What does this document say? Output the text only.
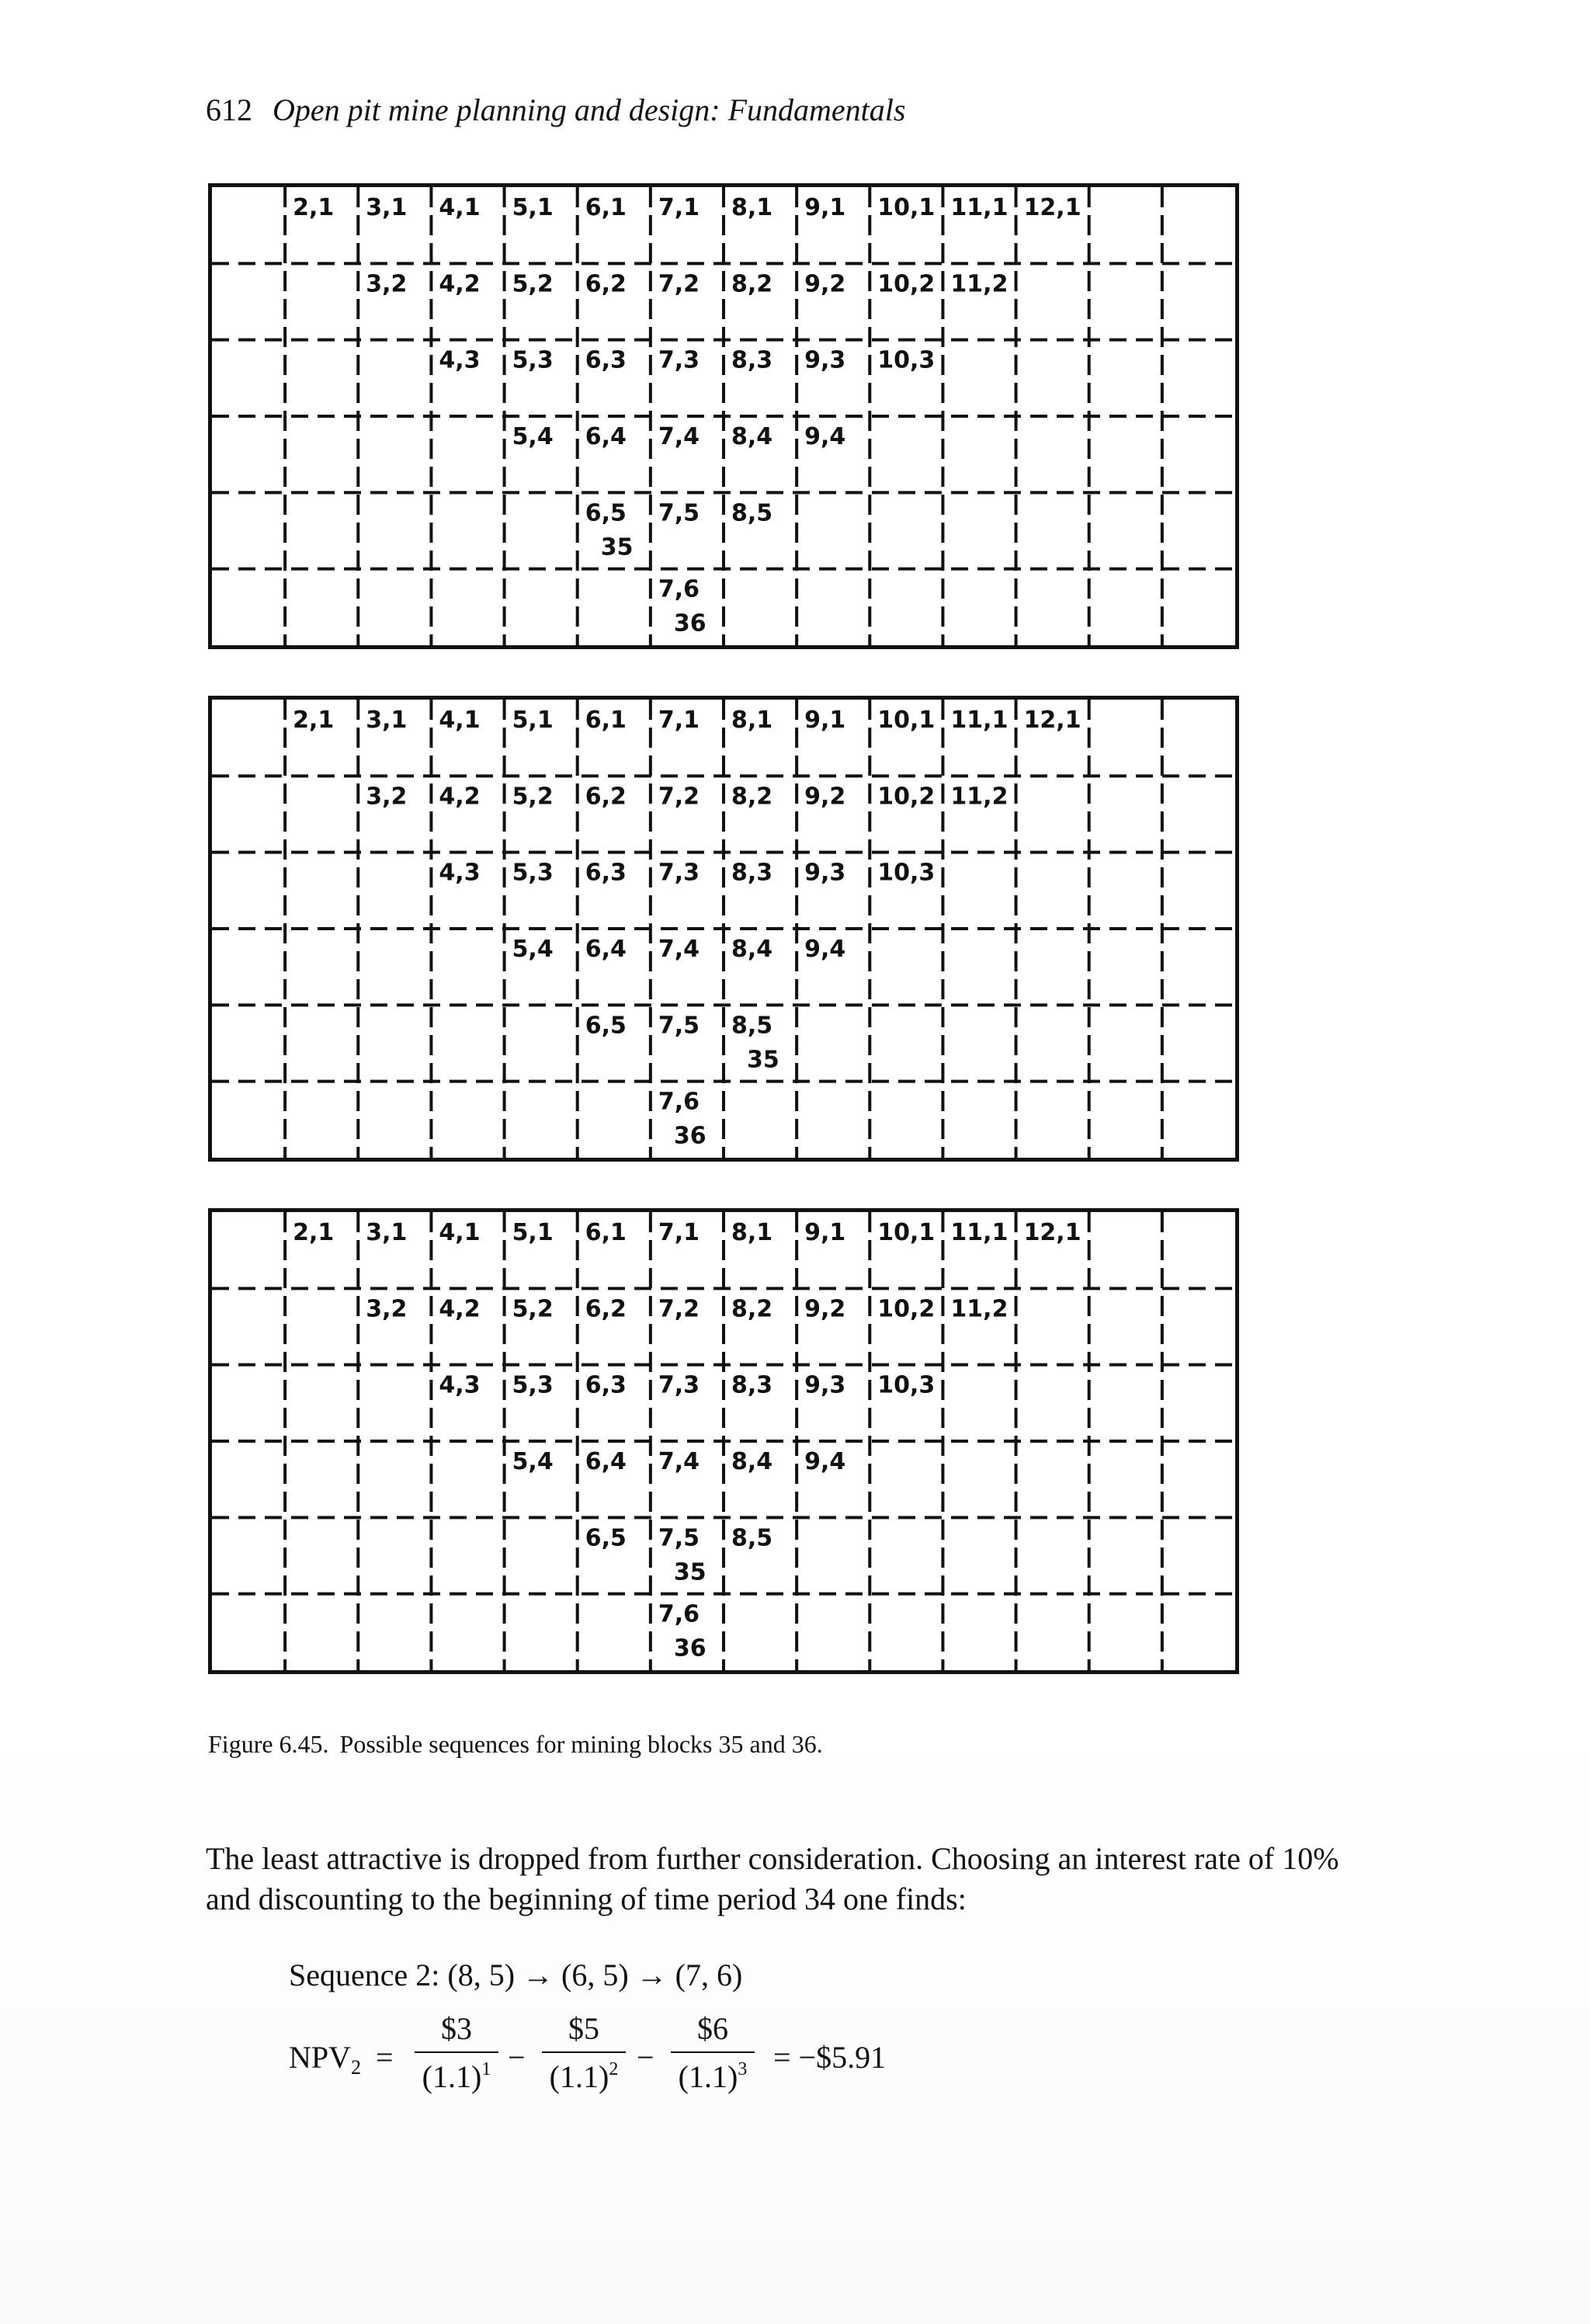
612 Open pit mine planning and design: Fundamentals
2,1 3,1 4,1 5,1 6,1 7,1 8,1 9,1 10,1 11,1 12,1
3,2 4,2 5,2 6,2 7,2 8,2 9,2 10,2 11,2
4,3 5,3 6,3 7,3 8,3 9,3 10,3
5,4 6,4 7,4 8,4 9,4
6,5
35
7,5 8,5
7,6
36
2,1 3,1 4,1 5,1 6,1 7,1 8,1 9,1 10,1 11,1 12,1
3,2 4,2 5,2 6,2 7,2 8,2 9,2 10,2 11,2
4,3 5,3 6,3 7,3 8,3 9,3 10,3
5,4 6,4 7,4 8,4 9,4
6,5 7,5 8,5
35
7,6
36
2,1 3,1 4,1 5,1 6,1 7,1 8,1 9,1 10,1 11,1 12,1
3,2 4,2 5,2 6,2 7,2 8,2 9,2 10,2 11,2
4,3 5,3 6,3 7,3 8,3 9,3 10,3
5,4 6,4 7,4 8,4 9,4
6,5 7,5
35
8,5
7,6
36
Figure 6.45. Possible sequences for mining blocks 35 and 36.
The least attractive is dropped from further consideration. Choosing an interest rate of 10%
and discounting to the beginning of time period 34 one finds:
Sequence 2: (8, 5) → (6, 5) → (7, 6)
$NPV_2$ =
$3
$(1.1)^1$ −
$5
$(1.1)^2$ −
$6
$(1.1)^3$ = −$5.91
